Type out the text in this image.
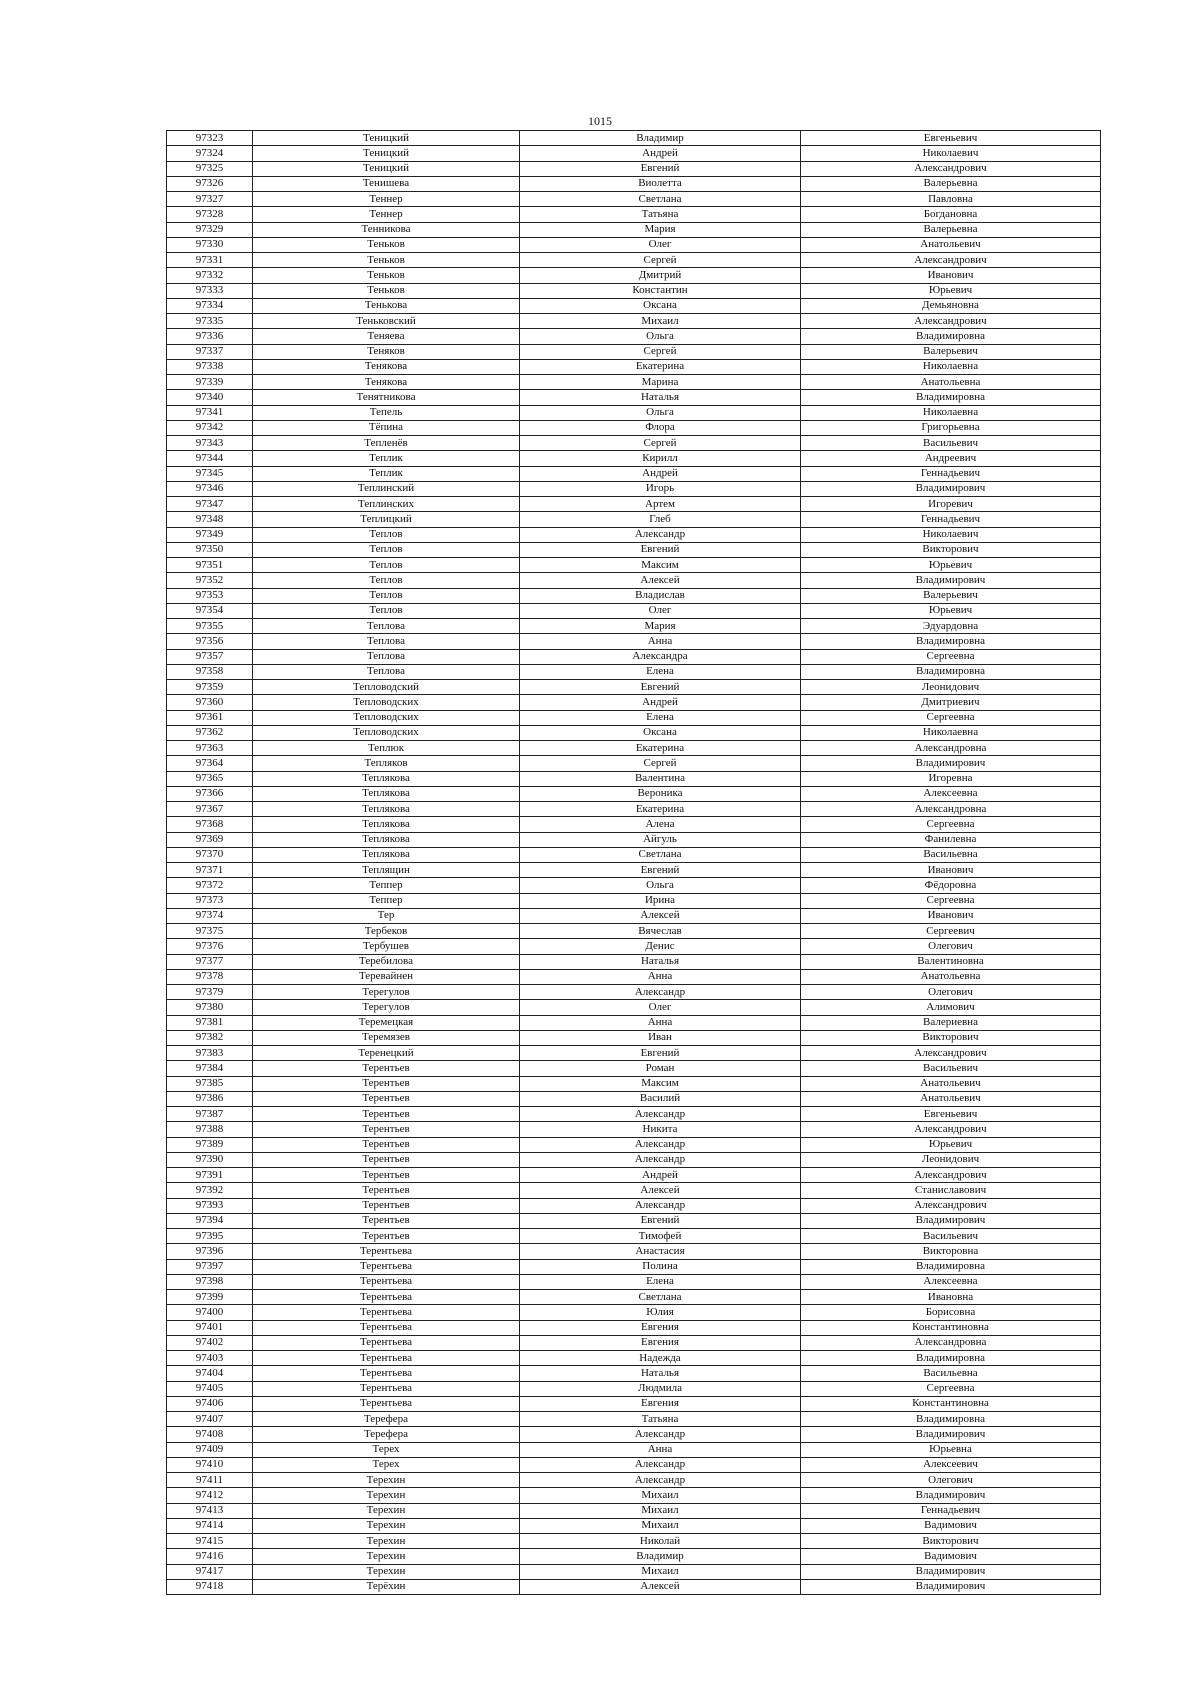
1015
97323	Теницкий	Владимир	Евгеньевич
97324	Теницкий	Андрей	Николаевич
97325	Теницкий	Евгений	Александрович
97326	Тенишева	Виолетта	Валерьевна
97327	Теннер	Светлана	Павловна
97328	Теннер	Татьяна	Богдановна
97329	Тенникова	Мария	Валерьевна
97330	Теньков	Олег	Анатольевич
97331	Теньков	Сергей	Александрович
97332	Теньков	Дмитрий	Иванович
97333	Теньков	Константин	Юрьевич
97334	Тенькова	Оксана	Демьяновна
97335	Теньковский	Михаил	Александрович
97336	Теняева	Ольга	Владимировна
97337	Теняков	Сергей	Валерьевич
97338	Тенякова	Екатерина	Николаевна
97339	Тенякова	Марина	Анатольевна
97340	Тенятникова	Наталья	Владимировна
97341	Тепель	Ольга	Николаевна
97342	Тёпина	Флора	Григорьевна
97343	Тепленёв	Сергей	Васильевич
97344	Теплик	Кирилл	Андреевич
97345	Теплик	Андрей	Геннадьевич
97346	Теплинский	Игорь	Владимирович
97347	Теплинских	Артем	Игоревич
97348	Теплицкий	Глеб	Геннадьевич
97349	Теплов	Александр	Николаевич
97350	Теплов	Евгений	Викторович
97351	Теплов	Максим	Юрьевич
97352	Теплов	Алексей	Владимирович
97353	Теплов	Владислав	Валерьевич
97354	Теплов	Олег	Юрьевич
97355	Теплова	Мария	Эдуардовна
97356	Теплова	Анна	Владимировна
97357	Теплова	Александра	Сергеевна
97358	Теплова	Елена	Владимировна
97359	Тепловодский	Евгений	Леонидович
97360	Тепловодских	Андрей	Дмитриевич
97361	Тепловодских	Елена	Сергеевна
97362	Тепловодских	Оксана	Николаевна
97363	Теплюк	Екатерина	Александровна
97364	Тепляков	Сергей	Владимирович
97365	Теплякова	Валентина	Игоревна
97366	Теплякова	Вероника	Алексеевна
97367	Теплякова	Екатерина	Александровна
97368	Теплякова	Алена	Сергеевна
97369	Теплякова	Айгуль	Фанилевна
97370	Теплякова	Светлана	Васильевна
97371	Теплящин	Евгений	Иванович
97372	Теппер	Ольга	Фёдоровна
97373	Теппер	Ирина	Сергеевна
97374	Тер	Алексей	Иванович
97375	Тербеков	Вячеслав	Сергеевич
97376	Тербушев	Денис	Олегович
97377	Теребилова	Наталья	Валентиновна
97378	Теревайнен	Анна	Анатольевна
97379	Терегулов	Александр	Олегович
97380	Терегулов	Олег	Алимович
97381	Теремецкая	Анна	Валериевна
97382	Теремязев	Иван	Викторович
97383	Теренецкий	Евгений	Александрович
97384	Терентьев	Роман	Васильевич
97385	Терентьев	Максим	Анатольевич
97386	Терентьев	Василий	Анатольевич
97387	Терентьев	Александр	Евгеньевич
97388	Терентьев	Никита	Александрович
97389	Терентьев	Александр	Юрьевич
97390	Терентьев	Александр	Леонидович
97391	Терентьев	Андрей	Александрович
97392	Терентьев	Алексей	Станиславович
97393	Терентьев	Александр	Александрович
97394	Терентьев	Евгений	Владимирович
97395	Терентьев	Тимофей	Васильевич
97396	Терентьева	Анастасия	Викторовна
97397	Терентьева	Полина	Владимировна
97398	Терентьева	Елена	Алексеевна
97399	Терентьева	Светлана	Ивановна
97400	Терентьева	Юлия	Борисовна
97401	Терентьева	Евгения	Константиновна
97402	Терентьева	Евгения	Александровна
97403	Терентьева	Надежда	Владимировна
97404	Терентьева	Наталья	Васильевна
97405	Терентьева	Людмила	Сергеевна
97406	Терентьева	Евгения	Константиновна
97407	Терефера	Татьяна	Владимировна
97408	Терефера	Александр	Владимирович
97409	Терех	Анна	Юрьевна
97410	Терех	Александр	Алексеевич
97411	Терехин	Александр	Олегович
97412	Терехин	Михаил	Владимирович
97413	Терехин	Михаил	Геннадьевич
97414	Терехин	Михаил	Вадимович
97415	Терехин	Николай	Викторович
97416	Терехин	Владимир	Вадимович
97417	Терехин	Михаил	Владимирович
97418	Терёхин	Алексей	Владимирович
